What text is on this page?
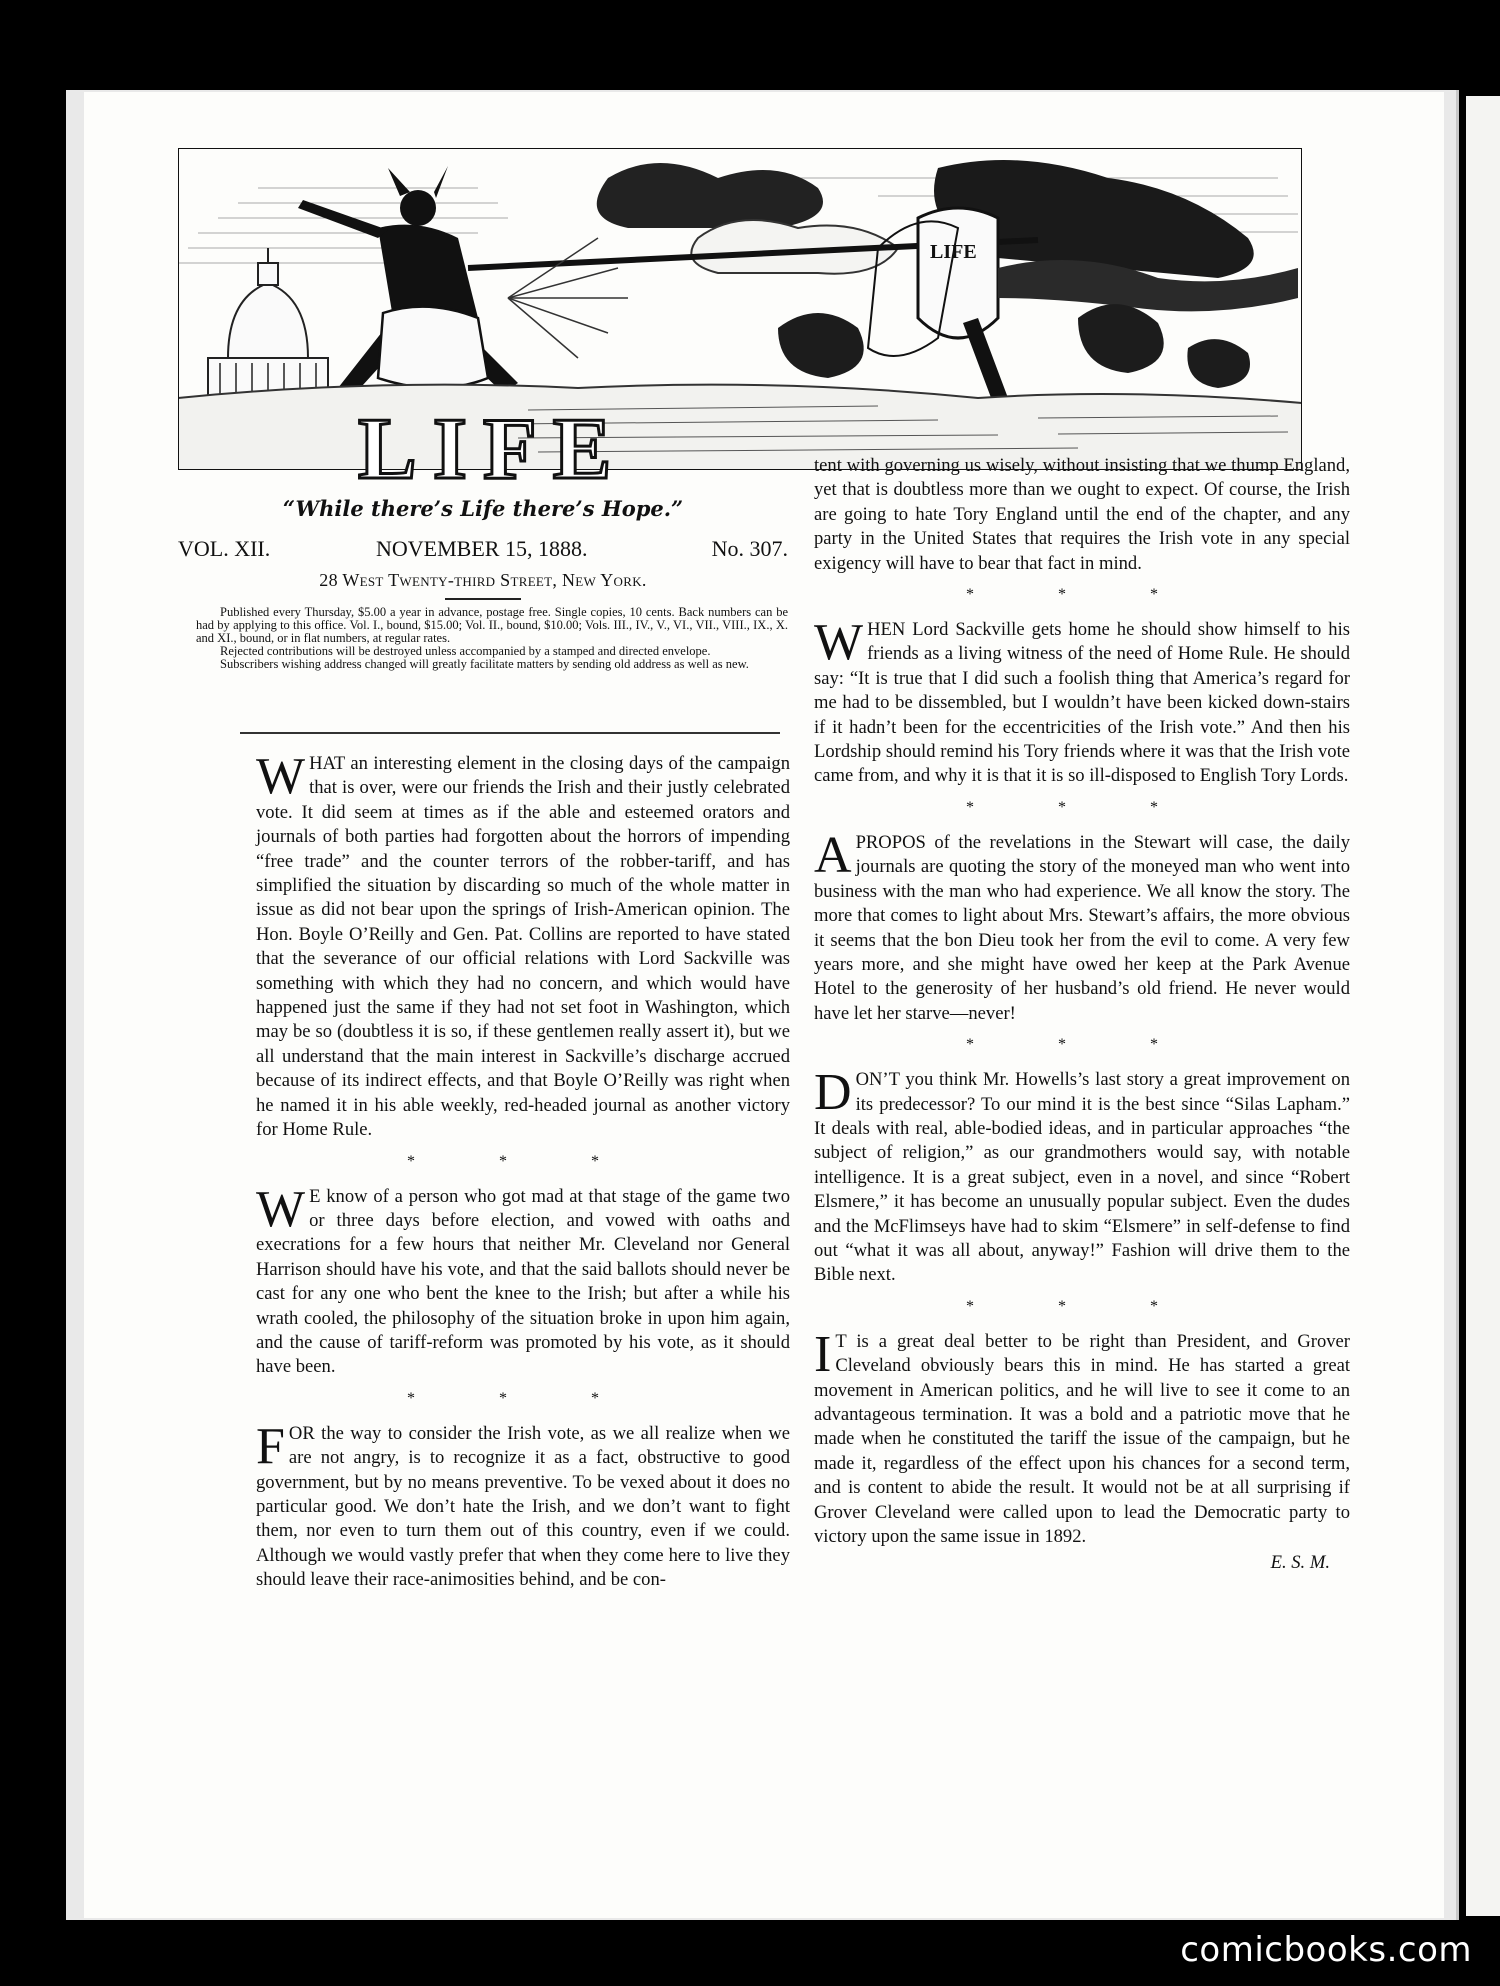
LIFE
LIFE
“While there’s Life there’s Hope.”
VOL. XII.	NOVEMBER 15, 1888.	No. 307.
28 West Twenty-third Street, New York.

Published every Thursday, $5.00 a year in advance, postage free. Single copies, 10 cents. Back numbers can be had by applying to this office. Vol. I., bound, $15.00; Vol. II., bound, $10.00; Vols. III., IV., V., VI., VII., VIII., IX., X. and XI., bound, or in flat numbers, at regular rates.

Rejected contributions will be destroyed unless accompanied by a stamped and directed envelope.

Subscribers wishing address changed will greatly facilitate matters by sending old address as well as new.

WHAT an interesting element in the closing days of the campaign that is over, were our friends the Irish and their justly celebrated vote. It did seem at times as if the able and esteemed orators and journals of both parties had forgotten about the horrors of impending “free trade” and the counter terrors of the robber-tariff, and has simplified the situation by discarding so much of the whole matter in issue as did not bear upon the springs of Irish-American opinion. The Hon. Boyle O’Reilly and Gen. Pat. Collins are reported to have stated that the severance of our official relations with Lord Sackville was something with which they had no concern, and which would have happened just the same if they had not set foot in Washington, which may be so (doubtless it is so, if these gentlemen really assert it), but we all understand that the main interest in Sackville’s discharge accrued because of its indirect effects, and that Boyle O’Reilly was right when he named it in his able weekly, red-headed journal as another victory for Home Rule.

* * *

W E know of a person who got mad at that stage of the game two or three days before election, and vowed with oaths and execrations for a few hours that neither Mr. Cleveland nor General Harrison should have his vote, and that the said ballots should never be cast for any one who bent the knee to the Irish; but after a while his wrath cooled, the philosophy of the situation broke in upon him again, and the cause of tariff-reform was promoted by his vote, as it should have been.

* * *

FOR the way to consider the Irish vote, as we all realize when we are not angry, is to recognize it as a fact, obstructive to good government, but by no means preventive. To be vexed about it does no particular good. We don’t hate the Irish, and we don’t want to fight them, nor even to turn them out of this country, even if we could. Although we would vastly prefer that when they come here to live they should leave their race-animosities behind, and be con-

tent with governing us wisely, without insisting that we thump England, yet that is doubtless more than we ought to expect. Of course, the Irish are going to hate Tory England until the end of the chapter, and any party in the United States that requires the Irish vote in any special exigency will have to bear that fact in mind.

* * *

WHEN Lord Sackville gets home he should show himself to his friends as a living witness of the need of Home Rule. He should say: “It is true that I did such a foolish thing that America’s regard for me had to be dissembled, but I wouldn’t have been kicked down-stairs if it hadn’t been for the eccentricities of the Irish vote.” And then his Lordship should remind his Tory friends where it was that the Irish vote came from, and why it is that it is so ill-disposed to English Tory Lords.

* * *

APROPOS of the revelations in the Stewart will case, the daily journals are quoting the story of the moneyed man who went into business with the man who had experience. We all know the story. The more that comes to light about Mrs. Stewart’s affairs, the more obvious it seems that the bon Dieu took her from the evil to come. A very few years more, and she might have owed her keep at the Park Avenue Hotel to the generosity of her husband’s old friend. He never would have let her starve—never!

* * *

DON’T you think Mr. Howells’s last story a great improvement on its predecessor? To our mind it is the best since “Silas Lapham.” It deals with real, able-bodied ideas, and in particular approaches “the subject of religion,” as our grandmothers would say, with notable intelligence. It is a great subject, even in a novel, and since “Robert Elsmere,” it has become an unusually popular subject. Even the dudes and the McFlimseys have had to skim “Elsmere” in self-defense to find out “what it was all about, anyway!” Fashion will drive them to the Bible next.

* * *

I T is a great deal better to be right than President, and Grover Cleveland obviously bears this in mind. He has started a great movement in American politics, and he will live to see it come to an advantageous termination. It was a bold and a patriotic move that he made when he constituted the tariff the issue of the campaign, but he made it, regardless of the effect upon his chances for a second term, and is content to abide the result. It would not be at all surprising if Grover Cleveland were called upon to lead the Democratic party to victory upon the same issue in 1892.

E. S. M.
comicbooks.com
